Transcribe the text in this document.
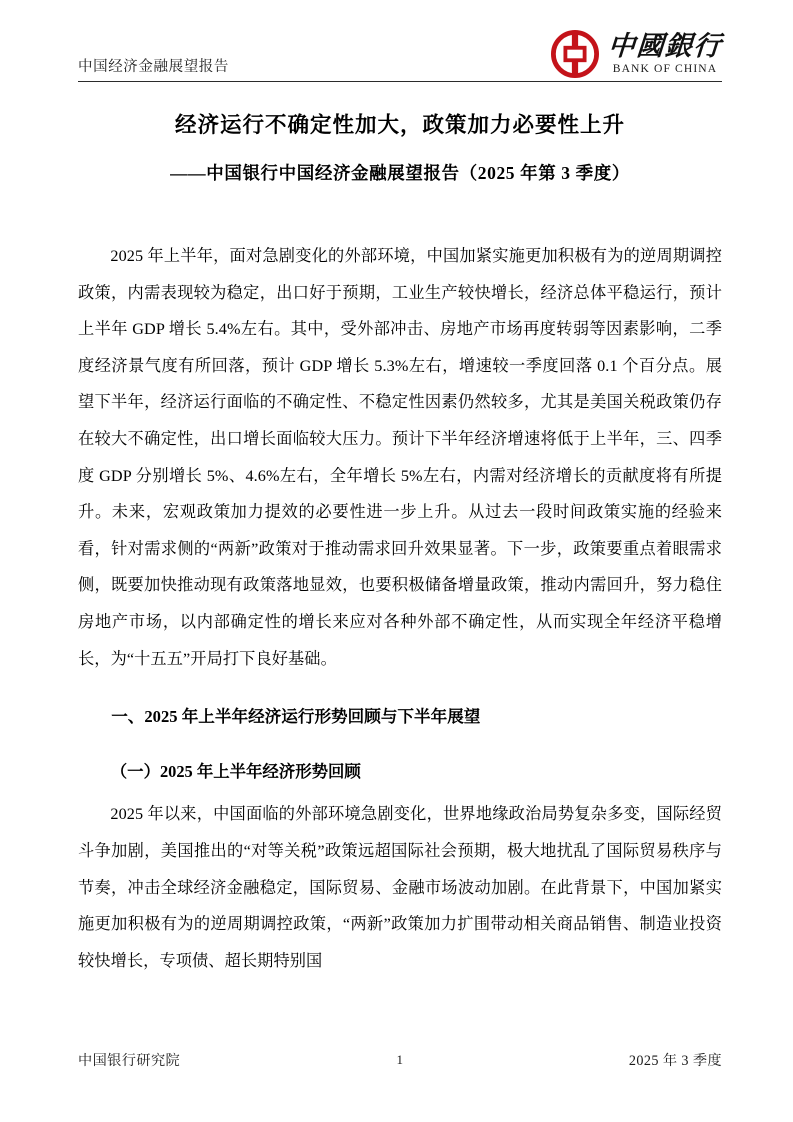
中国经济金融展望报告
中國銀行
BANK OF CHINA
经济运行不确定性加大，政策加力必要性上升
——中国银行中国经济金融展望报告（2025 年第 3 季度）

2025 年上半年，面对急剧变化的外部环境，中国加紧实施更加积极有为的逆周期调控政策，内需表现较为稳定，出口好于预期，工业生产较快增长，经济总体平稳运行，预计上半年 GDP 增长 5.4%左右。其中，受外部冲击、房地产市场再度转弱等因素影响，二季度经济景气度有所回落，预计 GDP 增长 5.3%左右，增速较一季度回落 0.1 个百分点。展望下半年，经济运行面临的不确定性、不稳定性因素仍然较多，尤其是美国关税政策仍存在较大不确定性，出口增长面临较大压力。预计下半年经济增速将低于上半年，三、四季度 GDP 分别增长 5%、4.6%左右，全年增长 5%左右，内需对经济增长的贡献度将有所提升。未来，宏观政策加力提效的必要性进一步上升。从过去一段时间政策实施的经验来看，针对需求侧的“两新”政策对于推动需求回升效果显著。下一步，政策要重点着眼需求侧，既要加快推动现有政策落地显效，也要积极储备增量政策，推动内需回升，努力稳住房地产市场，以内部确定性的增长来应对各种外部不确定性，从而实现全年经济平稳增长，为“十五五”开局打下良好基础。

一、2025 年上半年经济运行形势回顾与下半年展望
（一）2025 年上半年经济形势回顾

2025 年以来，中国面临的外部环境急剧变化，世界地缘政治局势复杂多变，国际经贸斗争加剧，美国推出的“对等关税”政策远超国际社会预期，极大地扰乱了国际贸易秩序与节奏，冲击全球经济金融稳定，国际贸易、金融市场波动加剧。在此背景下，中国加紧实施更加积极有为的逆周期调控政策，“两新”政策加力扩围带动相关商品销售、制造业投资较快增长，专项债、超长期特别国

中国银行研究院	1	2025 年 3 季度
